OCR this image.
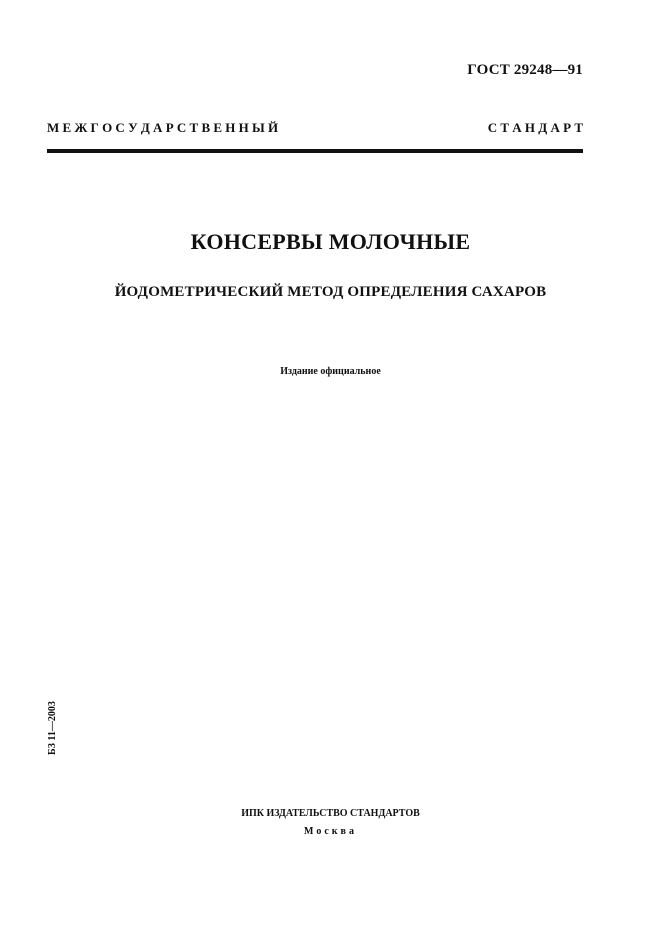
ГОСТ 29248—91
М Е Ж Г О С У Д А Р С Т В Е Н Н Ы Й	С Т А Н Д А Р Т
КОНСЕРВЫ МОЛОЧНЫЕ
ЙОДОМЕТРИЧЕСКИЙ МЕТОД ОПРЕДЕЛЕНИЯ САХАРОВ
Издание официальное
БЗ 11—2003
ИПК ИЗДАТЕЛЬСТВО СТАНДАРТОВ
Москва
